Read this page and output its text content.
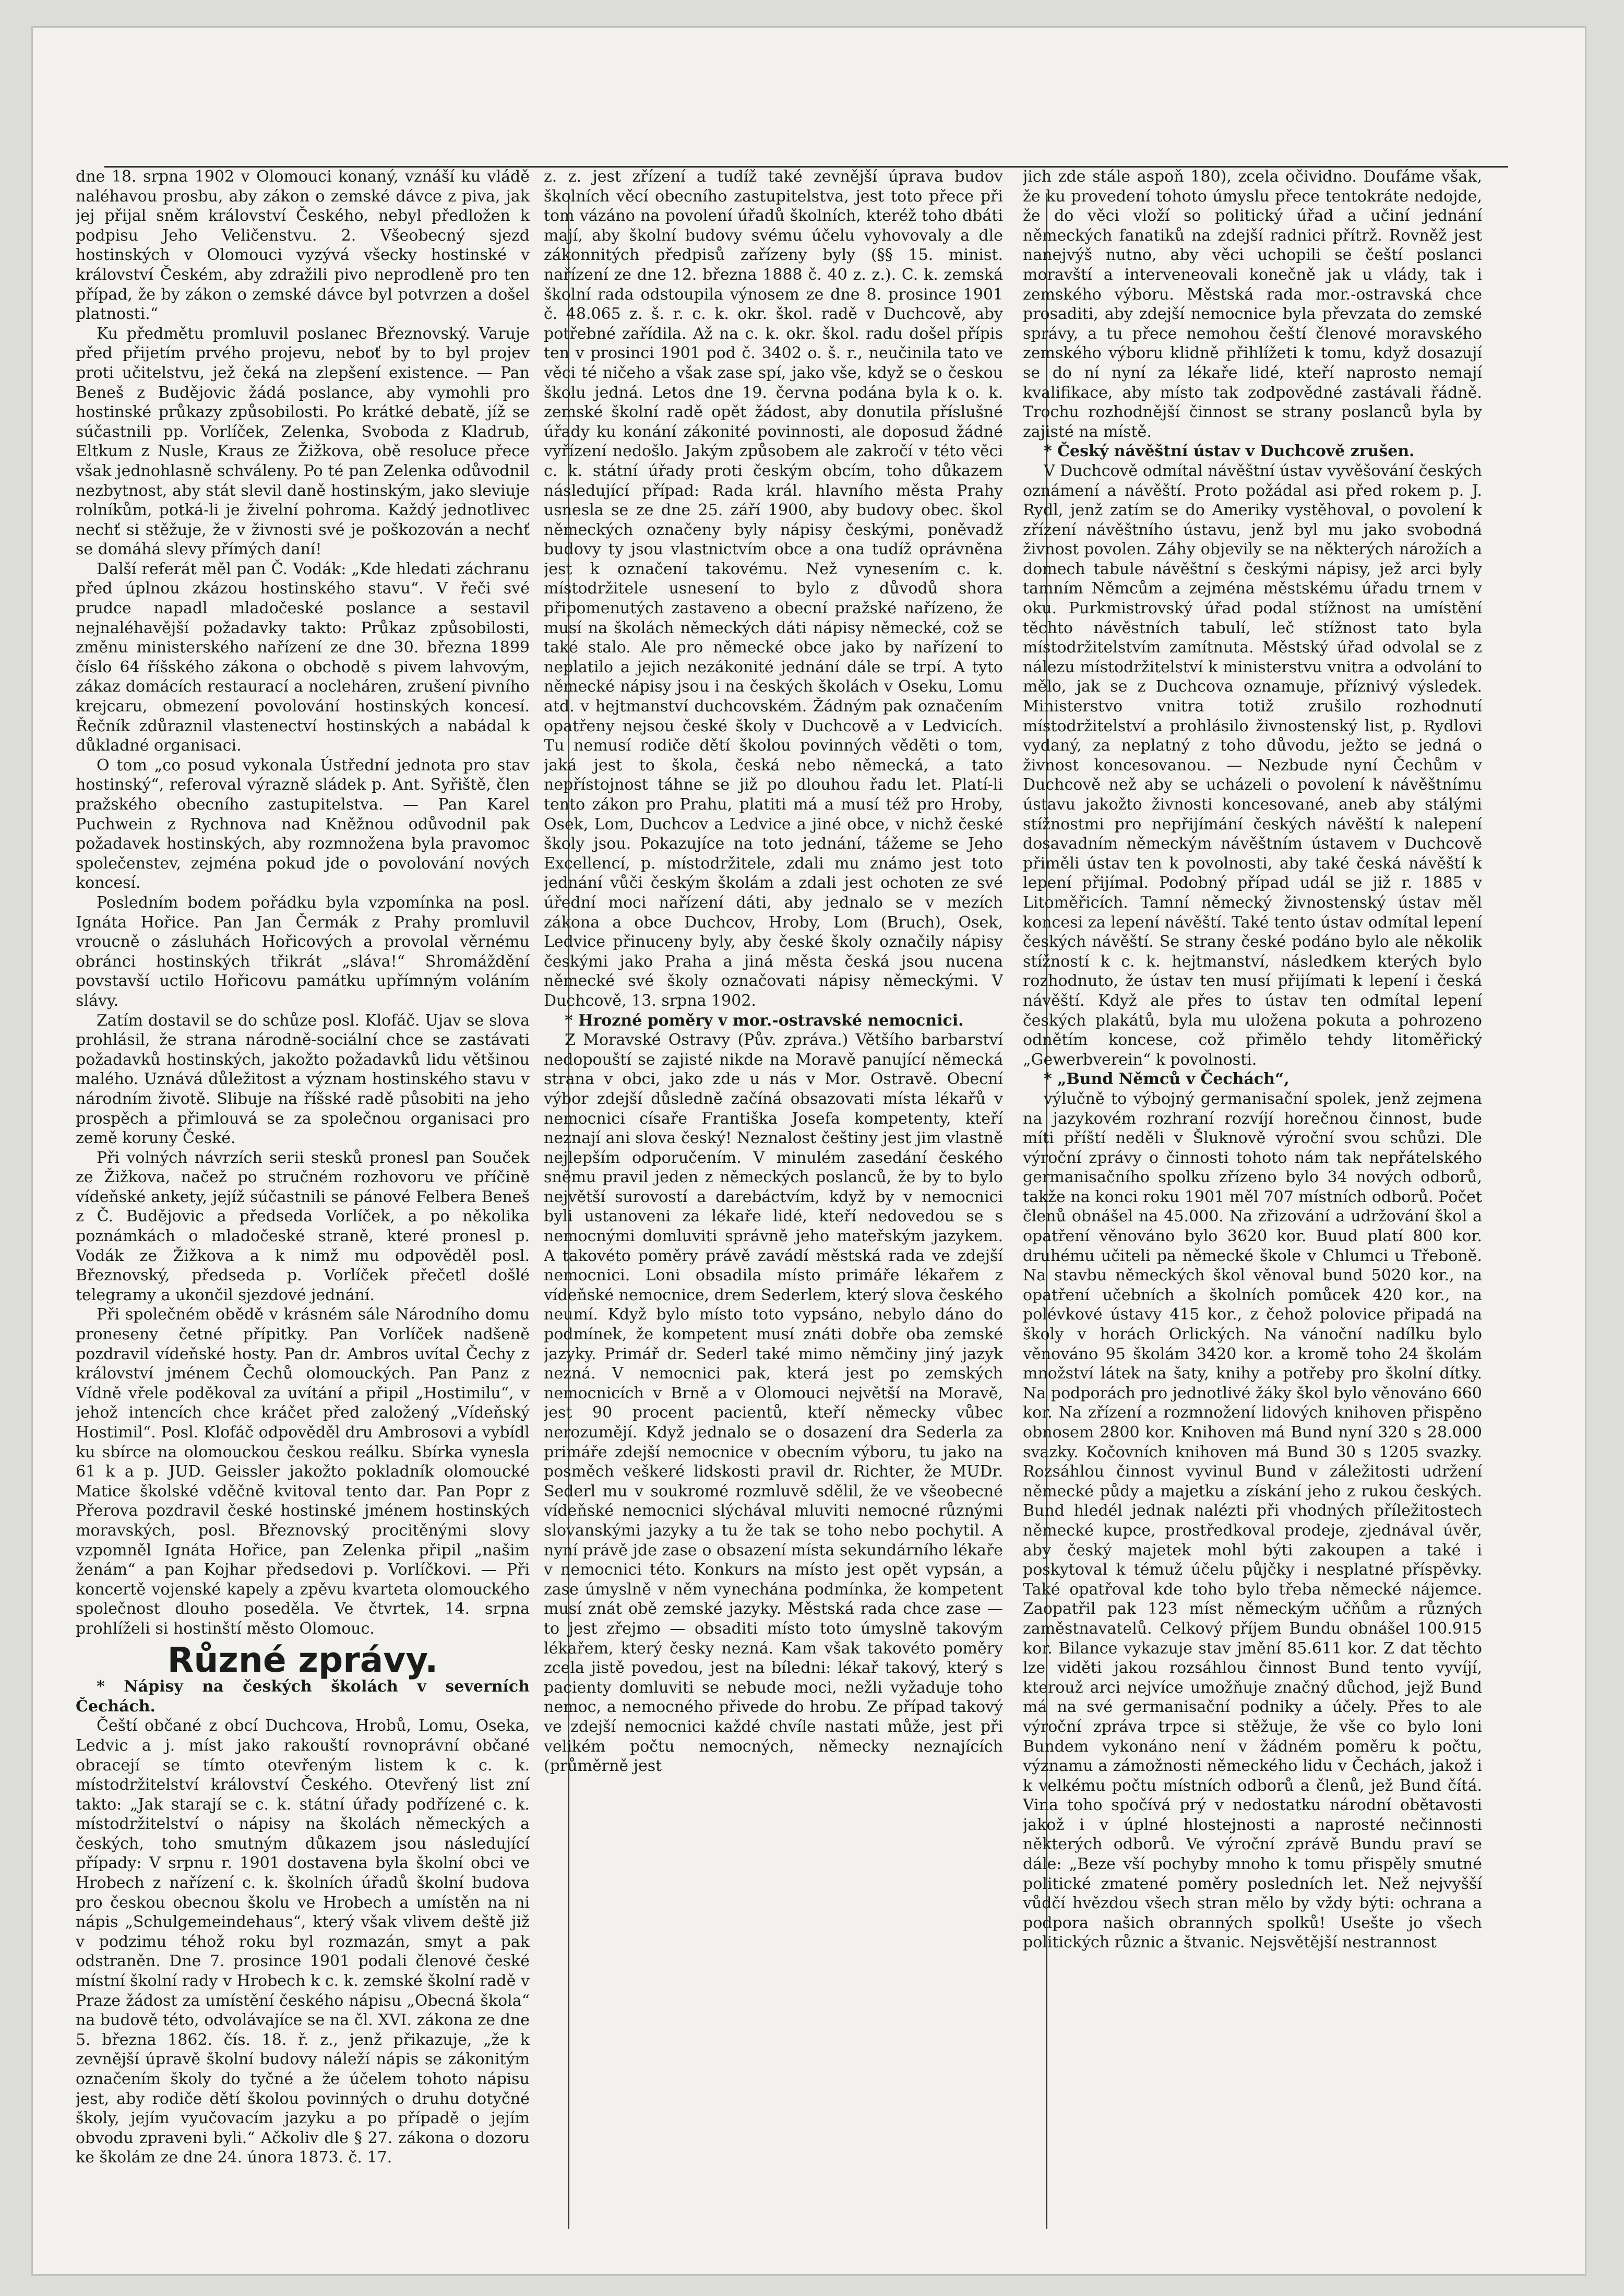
dne 18. srpna 1902 v Olomouci konaný, vznáší ku vládě naléhavou prosbu, aby zákon o zemské dávce z piva, jak jej přijal sněm království Českého, nebyl předložen k podpisu Jeho Veličenstvu. 2. Všeobecný sjezd hostinských v Olomouci vyzývá všecky hostinské v království Českém, aby zdražili pivo neprodleně pro ten případ, že by zákon o zemské dávce byl potvrzen a došel platnosti.“

Ku předmětu promluvil poslanec Březnovský. Varuje před přijetím prvého projevu, neboť by to byl projev proti učitelstvu, jež čeká na zlepšení existence. — Pan Beneš z Budějovic žádá poslance, aby vymohli pro hostinské průkazy způsobilosti. Po krátké debatě, jíž se súčastnili pp. Vorlíček, Zelenka, Svoboda z Kladrub, Eltkum z Nusle, Kraus ze Žižkova, obě resoluce přece však jednohlasně schváleny. Po té pan Zelenka odůvodnil nezbytnost, aby stát slevil daně hostinským, jako sleviuje rolníkům, potká-li je živelní pohroma. Každý jednotlivec nechť si stěžuje, že v živnosti své je poškozován a nechť se domáhá slevy přímých daní!

Další referát měl pan Č. Vodák: „Kde hledati záchranu před úplnou zkázou hostinského stavu“. V řeči své prudce napadl mladočeské poslance a sestavil nejnaléhavější požadavky takto: Průkaz způsobilosti, změnu ministerského nařízení ze dne 30. března 1899 číslo 64 říšského zákona o obchodě s pivem lahvovým, zákaz domácích restaurací a nocleháren, zrušení pivního krejcaru, obmezení povolování hostinských koncesí. Řečník zdůraznil vlastenectví hostinských a nabádal k důkladné organisaci.

O tom „co posud vykonala Ústřední jednota pro stav hostinský“, referoval výrazně sládek p. Ant. Syřiště, člen pražského obecního zastupitelstva. — Pan Karel Puchwein z Rychnova nad Kněžnou odůvodnil pak požadavek hostinských, aby rozmnožena byla pravomoc společenstev, zejména pokud jde o povolování nových koncesí.

Posledním bodem pořádku byla vzpomínka na posl. Ignáta Hořice. Pan Jan Čermák z Prahy promluvil vroucně o zásluhách Hořicových a provolal věrnému obránci hostinských třikrát „sláva!“ Shromáždění povstavší uctilo Hořicovu památku upřímným voláním slávy.

Zatím dostavil se do schůze posl. Klofáč. Ujav se slova prohlásil, že strana národně-sociální chce se zastávati požadavků hostinských, jakožto požadavků lidu většinou malého. Uznává důležitost a význam hostinského stavu v národním životě. Slibuje na říšské radě působiti na jeho prospěch a přimlouvá se za společnou organisaci pro země koruny České.

Při volných návrzích serii stesků pronesl pan Souček ze Žižkova, načež po stručném rozhovoru ve příčině vídeňské ankety, jejíž súčastnili se pánové Felbera Beneš z Č. Budějovic a předseda Vorlíček, a po několika poznámkách o mladočeské straně, které pronesl p. Vodák ze Žižkova a k nimž mu odpověděl posl. Březnovský, předseda p. Vorlíček přečetl došlé telegramy a ukončil sjezdové jednání.

Při společném obědě v krásném sále Národního domu proneseny četné přípitky. Pan Vorlíček nadšeně pozdravil vídeňské hosty. Pan dr. Ambros uvítal Čechy z království jménem Čechů olomouckých. Pan Panz z Vídně vřele poděkoval za uvítání a připil „Hostimilu“, v jehož intencích chce kráčet před založený „Vídeňský Hostimil“. Posl. Klofáč odpověděl dru Ambrosovi a vybídl ku sbírce na olomouckou českou reálku. Sbírka vynesla 61 k a p. JUD. Geissler jakožto pokladník olomoucké Matice školské vděčně kvitoval tento dar. Pan Popr z Přerova pozdravil české hostinské jménem hostinských moravských, posl. Březnovský procitěnými slovy vzpomněl Ignáta Hořice, pan Zelenka připil „našim ženám“ a pan Kojhar předsedovi p. Vorlíčkovi. — Při koncertě vojenské kapely a zpěvu kvarteta olomouckého společnost dlouho poseděla. Ve čtvrtek, 14. srpna prohlíželi si hostinští město Olomouc.

Různé zprávy.

* Nápisy na českých školách v severních Čechách.

Čeští občané z obcí Duchcova, Hrobů, Lomu, Oseka, Ledvic a j. míst jako rakouští rovnoprávní občané obracejí se tímto otevřeným listem k c. k. místodržitelství království Českého. Otevřený list zní takto: „Jak starají se c. k. státní úřady podřízené c. k. místodržitelství o nápisy na školách německých a českých, toho smutným důkazem jsou následující případy: V srpnu r. 1901 dostavena byla školní obci ve Hrobech z nařízení c. k. školních úřadů školní budova pro českou obecnou školu ve Hrobech a umístěn na ni nápis „Schulgemeindehaus“, který však vlivem deště již v podzimu téhož roku byl rozmazán, smyt a pak odstraněn. Dne 7. prosince 1901 podali členové české místní školní rady v Hrobech k c. k. zemské školní radě v Praze žádost za umístění českého nápisu „Obecná škola“ na budově této, odvolávajíce se na čl. XVI. zákona ze dne 5. března 1862. čís. 18. ř. z., jenž přikazuje, „že k zevnější úpravě školní budovy náleží nápis se zákonitým označením školy do tyčné a že účelem tohoto nápisu jest, aby rodiče dětí školou povinných o druhu dotyčné školy, jejím vyučovacím jazyku a po případě o jejím obvodu zpraveni byli.“ Ačkoliv dle § 27. zákona o dozoru ke školám ze dne 24. února 1873. č. 17.

z. z. jest zřízení a tudíž také zevnější úprava budov školních věcí obecního zastupitelstva, jest toto přece při tom vázáno na povolení úřadů školních, kteréž toho dbáti mají, aby školní budovy svému účelu vyhovovaly a dle zákonnitých předpisů zařízeny byly (§§ 15. minist. nařízení ze dne 12. března 1888 č. 40 z. z.). C. k. zemská školní rada odstoupila výnosem ze dne 8. prosince 1901 č. 48.065 z. š. r. c. k. okr. škol. radě v Duchcově, aby potřebné zařídila. Až na c. k. okr. škol. radu došel přípis ten v prosinci 1901 pod č. 3402 o. š. r., neučinila tato ve věci té ničeho a však zase spí, jako vše, když se o českou školu jedná. Letos dne 19. června podána byla k o. k. zemské školní radě opět žádost, aby donutila příslušné úřady ku konání zákonité povinnosti, ale doposud žádné vyřízení nedošlo. Jakým způsobem ale zakročí v této věci c. k. státní úřady proti českým obcím, toho důkazem následující případ: Rada král. hlavního města Prahy usnesla se ze dne 25. září 1900, aby budovy obec. škol německých označeny byly nápisy českými, poněvadž budovy ty jsou vlastnictvím obce a ona tudíž oprávněna jest k označení takovému. Než vynesením c. k. místodržitele usnesení to bylo z důvodů shora připomenutých zastaveno a obecní pražské nařízeno, že musí na školách německých dáti nápisy německé, což se také stalo. Ale pro německé obce jako by nařízení to neplatilo a jejich nezákonité jednání dále se trpí. A tyto německé nápisy jsou i na českých školách v Oseku, Lomu atd. v hejtmanství duchcovském. Žádným pak označením opatřeny nejsou české školy v Duchcově a v Ledvicích. Tu nemusí rodiče dětí školou povinných věděti o tom, jaká jest to škola, česká nebo německá, a tato nepřístojnost táhne se již po dlouhou řadu let. Platí-li tento zákon pro Prahu, platiti má a musí též pro Hroby, Osek, Lom, Duchcov a Ledvice a jiné obce, v nichž české školy jsou. Pokazujíce na toto jednání, tážeme se Jeho Excellencí, p. místodržitele, zdali mu známo jest toto jednání vůči českým školám a zdali jest ochoten ze své úřední moci nařízení dáti, aby jednalo se v mezích zákona a obce Duchcov, Hroby, Lom (Bruch), Osek, Ledvice přinuceny byly, aby české školy označily nápisy českými jako Praha a jiná města česká jsou nucena německé své školy označovati nápisy německými. V Duchcově, 13. srpna 1902.

* Hrozné poměry v mor.-ostravské nemocnici.

Z Moravské Ostravy (Pův. zpráva.) Většího barbarství nedopouští se zajisté nikde na Moravě panující německá strana v obci, jako zde u nás v Mor. Ostravě. Obecní výbor zdejší důsledně začíná obsazovati místa lékařů v nemocnici císaře Františka Josefa kompetenty, kteří neznají ani slova český! Neznalost češtiny jest jim vlastně nejlepším odporučením. V minulém zasedání českého sněmu pravil jeden z německých poslanců, že by to bylo největší surovostí a darebáctvím, když by v nemocnici byli ustanoveni za lékaře lidé, kteří nedovedou se s nemocnými domluviti správně jeho mateřským jazykem. A takovéto poměry právě zavádí městská rada ve zdejší nemocnici. Loni obsadila místo primáře lékařem z vídeňské nemocnice, drem Sederlem, který slova českého neumí. Když bylo místo toto vypsáno, nebylo dáno do podmínek, že kompetent musí znáti dobře oba zemské jazyky. Primář dr. Sederl také mimo němčiny jiný jazyk nezná. V nemocnici pak, která jest po zemských nemocnicích v Brně a v Olomouci největší na Moravě, jest 90 procent pacientů, kteří německy vůbec nerozumějí. Když jednalo se o dosazení dra Sederla za primáře zdejší nemocnice v obecním výboru, tu jako na posměch veškeré lidskosti pravil dr. Richter, že MUDr. Sederl mu v soukromé rozmluvě sdělil, že ve všeobecné vídeňské nemocnici slýchával mluviti nemocné různými slovanskými jazyky a tu že tak se toho nebo pochytil. A nyní právě jde zase o obsazení místa sekundárního lékaře v nemocnici této. Konkurs na místo jest opět vypsán, a zase úmyslně v něm vynechána podmínka, že kompetent musí znát obě zemské jazyky. Městská rada chce zase — to jest zřejmo — obsaditi místo toto úmyslně takovým lékařem, který česky nezná. Kam však takovéto poměry zcela jistě povedou, jest na bíledni: lékař takový, který s pacienty domluviti se nebude moci, nežli vyžaduje toho nemoc, a nemocného přivede do hrobu. Ze případ takový ve zdejší nemocnici každé chvíle nastati může, jest při velikém počtu nemocných, německy neznajících (průměrně jest

jich zde stále aspoň 180), zcela očividno. Doufáme však, že ku provedení tohoto úmyslu přece tentokráte nedojde, že do věci vloží so politický úřad a učiní jednání německých fanatiků na zdejší radnici přítrž. Rovněž jest nanejvýš nutno, aby věci uchopili se čeští poslanci moravští a interveneovali konečně jak u vlády, tak i zemského výboru. Městská rada mor.-ostravská chce prosaditi, aby zdejší nemocnice byla převzata do zemské správy, a tu přece nemohou čeští členové moravského zemského výboru klidně přihlížeti k tomu, když dosazují se do ní nyní za lékaře lidé, kteří naprosto nemají kvalifikace, aby místo tak zodpovědné zastávali řádně. Trochu rozhodnější činnost se strany poslanců byla by zajisté na místě.

* Český návěštní ústav v Duchcově zrušen.

V Duchcově odmítal návěštní ústav vyvěšování českých oznámení a návěští. Proto požádal asi před rokem p. J. Rydl, jenž zatím se do Ameriky vystěhoval, o povolení k zřízení návěštního ústavu, jenž byl mu jako svobodná živnost povolen. Záhy objevily se na některých nárožích a domech tabule návěštní s českými nápisy, jež arci byly tamním Němcům a zejména městskému úřadu trnem v oku. Purkmistrovský úřad podal stížnost na umístění těchto návěstních tabulí, leč stížnost tato byla místodržitelstvím zamítnuta. Městský úřad odvolal se z nálezu místodržitelství k ministerstvu vnitra a odvolání to mělo, jak se z Duchcova oznamuje, příznivý výsledek. Ministerstvo vnitra totiž zrušilo rozhodnutí místodržitelství a prohlásilo živnostenský list, p. Rydlovi vydaný, za neplatný z toho důvodu, ježto se jedná o živnost koncesovanou. — Nezbude nyní Čechům v Duchcově než aby se ucházeli o povolení k návěštnímu ústavu jakožto živnosti koncesované, aneb aby stálými stížnostmi pro nepřijímání českých návěští k nalepení dosavadním německým návěštním ústavem v Duchcově přiměli ústav ten k povolnosti, aby také česká návěští k lepení přijímal. Podobný případ udál se již r. 1885 v Litoměřicích. Tamní německý živnostenský ústav měl koncesi za lepení návěští. Také tento ústav odmítal lepení českých návěští. Se strany české podáno bylo ale několik stížností k c. k. hejtmanství, následkem kterých bylo rozhodnuto, že ústav ten musí přijímati k lepení i česká návěští. Když ale přes to ústav ten odmítal lepení českých plakátů, byla mu uložena pokuta a pohrozeno odnětím koncese, což přimělo tehdy litoměřický „Gewerbverein“ k povolnosti.

* „Bund Němců v Čechách“,

výlučně to výbojný germanisační spolek, jenž zejmena na jazykovém rozhraní rozvíjí horečnou činnost, bude míti příští neděli v Šluknově výroční svou schůzi. Dle výroční zprávy o činnosti tohoto nám tak nepřátelského germanisačního spolku zřízeno bylo 34 nových odborů, takže na konci roku 1901 měl 707 místních odborů. Počet členů obnášel na 45.000. Na zřizování a udržování škol a opatření věnováno bylo 3620 kor. Buud platí 800 kor. druhému učiteli pa německé škole v Chlumci u Třeboně. Na stavbu německých škol věnoval bund 5020 kor., na opatření učebních a školních pomůcek 420 kor., na polévkové ústavy 415 kor., z čehož polovice připadá na školy v horách Orlických. Na vánoční nadílku bylo věnováno 95 školám 3420 kor. a kromě toho 24 školám množství látek na šaty, knihy a potřeby pro školní dítky. Na podporách pro jednotlivé žáky škol bylo věnováno 660 kor. Na zřízení a rozmnožení lidových knihoven přispěno obnosem 2800 kor. Knihoven má Bund nyní 320 s 28.000 svazky. Kočovních knihoven má Bund 30 s 1205 svazky. Rozsáhlou činnost vyvinul Bund v záležitosti udržení německé půdy a majetku a získání jeho z rukou českých. Bund hledél jednak nalézti při vhodných příležitostech německé kupce, prostředkoval prodeje, zjednával úvěr, aby český majetek mohl býti zakoupen a také i poskytoval k témuž účelu půjčky i nesplatné příspěvky. Také opatřoval kde toho bylo třeba německé nájemce. Zaopatřil pak 123 míst německým učňům a různých zaměstnavatelů. Celkový příjem Bundu obnášel 100.915 kor. Bilance vykazuje stav jmění 85.611 kor. Z dat těchto lze viděti jakou rozsáhlou činnost Bund tento vyvíjí, kterouž arci nejvíce umožňuje značný důchod, jejž Bund má na své germanisační podniky a účely. Přes to ale výroční zpráva trpce si stěžuje, že vše co bylo loni Bundem vykonáno není v žádném poměru k počtu, významu a zámožnosti německého lidu v Čechách, jakož i k velkému počtu místních odborů a členů, jež Bund čítá. Vina toho spočívá prý v nedostatku národní obětavosti jakož i v úplné hlostejnosti a naprosté nečinnosti některých odborů. Ve výroční zprávě Bundu praví se dále: „Beze vší pochyby mnoho k tomu přispěly smutné politické zmatené poměry posledních let. Než nejvyšší vůdčí hvězdou všech stran mělo by vždy býti: ochrana a podpora našich obranných spolků! Usešte jo všech politických různic a štvanic. Nejsvětější nestrannost
